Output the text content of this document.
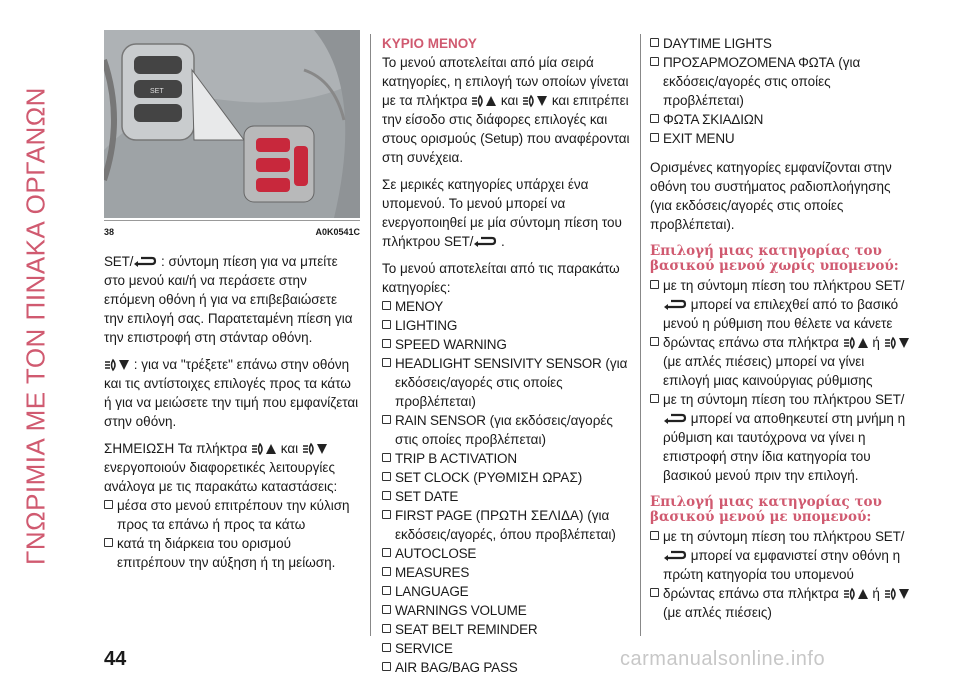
ΓΝΩΡΙΜΙΑ ΜΕ ΤΟΝ ΠΙΝΑΚΑ ΟΡΓΑΝΩΝ	SET
38	A0K0541C

SET/ : σύντομη πίεση για να μπείτε στο μενού και/ή να περάσετε στην επόμενη οθόνη ή για να επιβεβαιώσετε την επιλογή σας. Παρατεταμένη πίεση για την επιστροφή στη στάνταρ οθόνη.

: για να "τρέξετε" επάνω στην οθόνη και τις αντίστοιχες επιλογές προς τα κάτω ή για να μειώσετε την τιμή που εμφανίζεται στην οθόνη.

ΣΗΜΕΙΩΣΗ Τα πλήκτρα και  ενεργοποιούν διαφορετικές λειτουργίες ανάλογα με τις παρακάτω καταστάσεις:

μέσα στο μενού επιτρέπουν την κύλιση προς τα επάνω ή προς τα κάτω
κατά τη διάρκεια του ορισμού επιτρέπουν την αύξηση ή τη μείωση.

ΚΥΡΙΟ ΜΕΝΟΥ

Το μενού αποτελείται από μία σειρά κατηγορίες, η επιλογή των οποίων γίνεται με τα πλήκτρα και και επιτρέπει την είσοδο στις διάφορες επιλογές και στους ορισμούς (Setup) που αναφέρονται στη συνέχεια.

Σε μερικές κατηγορίες υπάρχει ένα υπομενού. Το μενού μπορεί να ενεργοποιηθεί με μία σύντομη πίεση του πλήκτρου SET/ .

Το μενού αποτελείται από τις παρακάτω κατηγορίες:

ΜΕΝΟΥ
LIGHTING
SPEED WARNING
HEADLIGHT SENSIVITY SENSOR (για εκδόσεις/αγορές στις οποίες προβλέπεται)
RAIN SENSOR (για εκδόσεις/αγορές στις οποίες προβλέπεται)
TRIP B ACTIVATION
SET CLOCK (ΡΥΘΜΙΣΗ ΩΡΑΣ)
SET DATE
FIRST PAGE (ΠΡΩΤΗ ΣΕΛΙΔΑ) (για εκδόσεις/αγορές, όπου προβλέπεται)
AUTOCLOSE
MEASURES
LANGUAGE
WARNINGS VOLUME
SEAT BELT REMINDER
SERVICE
AIR BAG/BAG PASS
DAYTIME LIGHTS
ΠΡΟΣΑΡΜΟΖΟΜΕΝΑ ΦΩΤΑ (για εκδόσεις/αγορές στις οποίες προβλέπεται)
ΦΩΤΑ ΣΚΙΑΔΙΩΝ
EXIT MENU

Ορισμένες κατηγορίες εμφανίζονται στην οθόνη του συστήματος ραδιοπλοήγησης (για εκδόσεις/αγορές στις οποίες προβλέπεται).

Επιλογή μιας κατηγορίας του βασικού μενού χωρίς υπομενού:

με τη σύντομη πίεση του πλήκτρου SET/ μπορεί να επιλεχθεί από το βασικό μενού η ρύθμιση που θέλετε να κάνετε
δρώντας επάνω στα πλήκτρα ή  (με απλές πιέσεις) μπορεί να γίνει επιλογή μιας καινούργιας ρύθμισης
με τη σύντομη πίεση του πλήκτρου SET/ μπορεί να αποθηκευτεί στη μνήμη η ρύθμιση και ταυτόχρονα να γίνει η επιστροφή στην ίδια κατηγορία του βασικού μενού πριν την επιλογή.

Επιλογή μιας κατηγορίας του βασικού μενού με υπομενού:

με τη σύντομη πίεση του πλήκτρου SET/ μπορεί να εμφανιστεί στην οθόνη η πρώτη κατηγορία του υπομενού
δρώντας επάνω στα πλήκτρα ή  (με απλές πιέσεις)
44	carmanualsonline.info
